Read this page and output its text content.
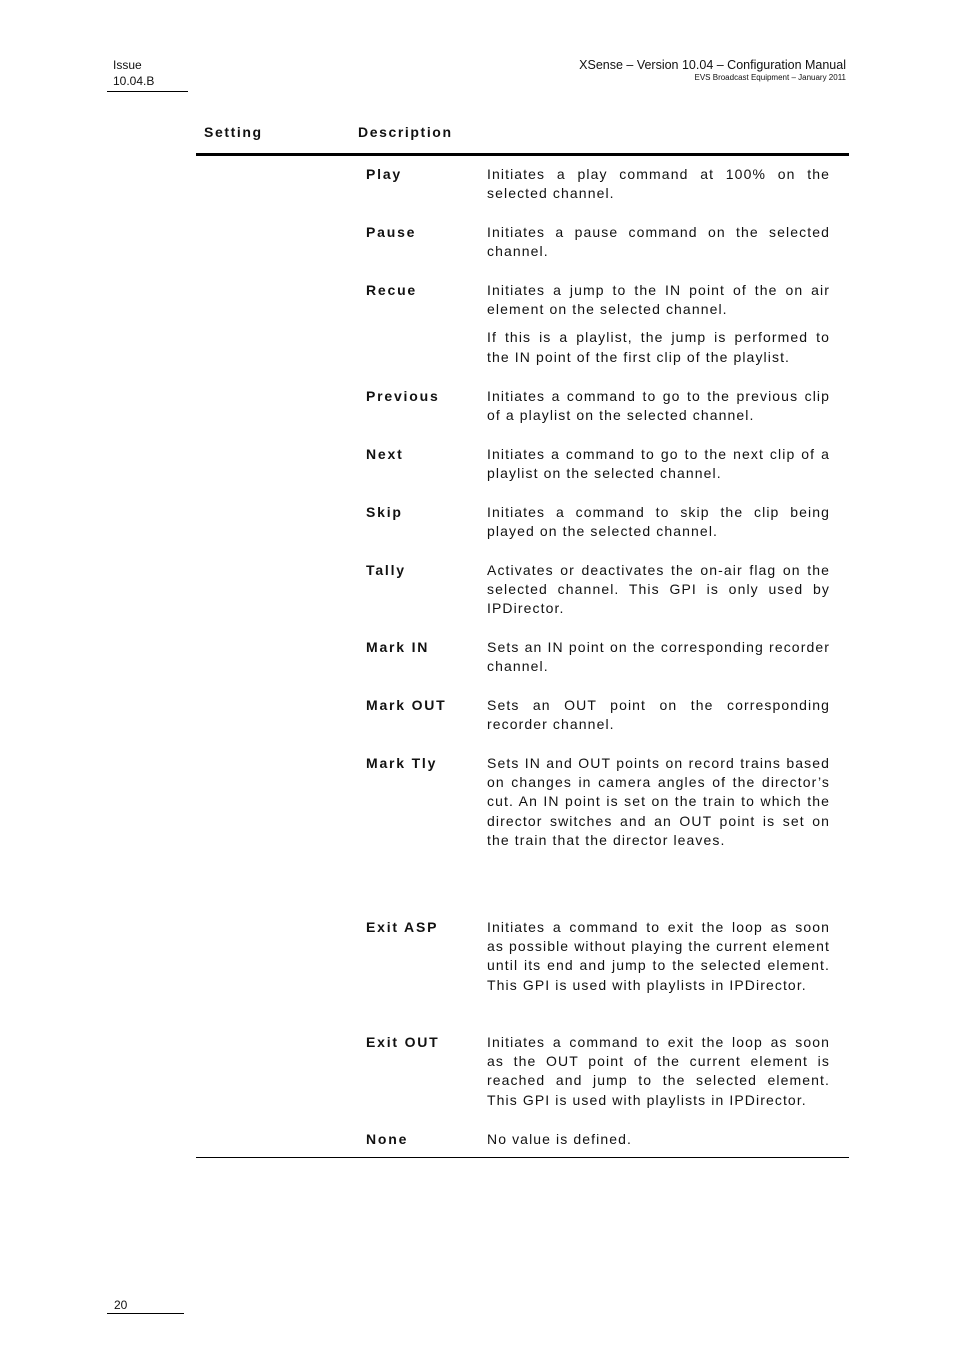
Issue
10.04.B
XSense – Version 10.04 – Configuration Manual
EVS Broadcast Equipment – January 2011
Setting	Description
Play	Initiates a play command at 100% on the selected channel.

Pause	Initiates a pause command on the selected channel.

Recue	Initiates a jump to the IN point of the on air element on the selected channel.

If this is a playlist, the jump is performed to the IN point of the first clip of the playlist.

Previous	Initiates a command to go to the previous clip of a playlist on the selected channel.

Next	Initiates a command to go to the next clip of a playlist on the selected channel.

Skip	Initiates a command to skip the clip being played on the selected channel.

Tally	Activates or deactivates the on-air flag on the selected channel. This GPI is only used by IPDirector.

Mark IN	Sets an IN point on the corresponding recorder channel.

Mark OUT	Sets an OUT point on the corresponding recorder channel.

Mark Tly	Sets IN and OUT points on record trains based on changes in camera angles of the director’s cut. An IN point is set on the train to which the director switches and an OUT point is set on the train that the director leaves.

Exit ASP	Initiates a command to exit the loop as soon as possible without playing the current element until its end and jump to the selected element. This GPI is used with playlists in IPDirector.

Exit OUT	Initiates a command to exit the loop as soon as the OUT point of the current element is reached and jump to the selected element. This GPI is used with playlists in IPDirector.

None	No value is defined.

20
